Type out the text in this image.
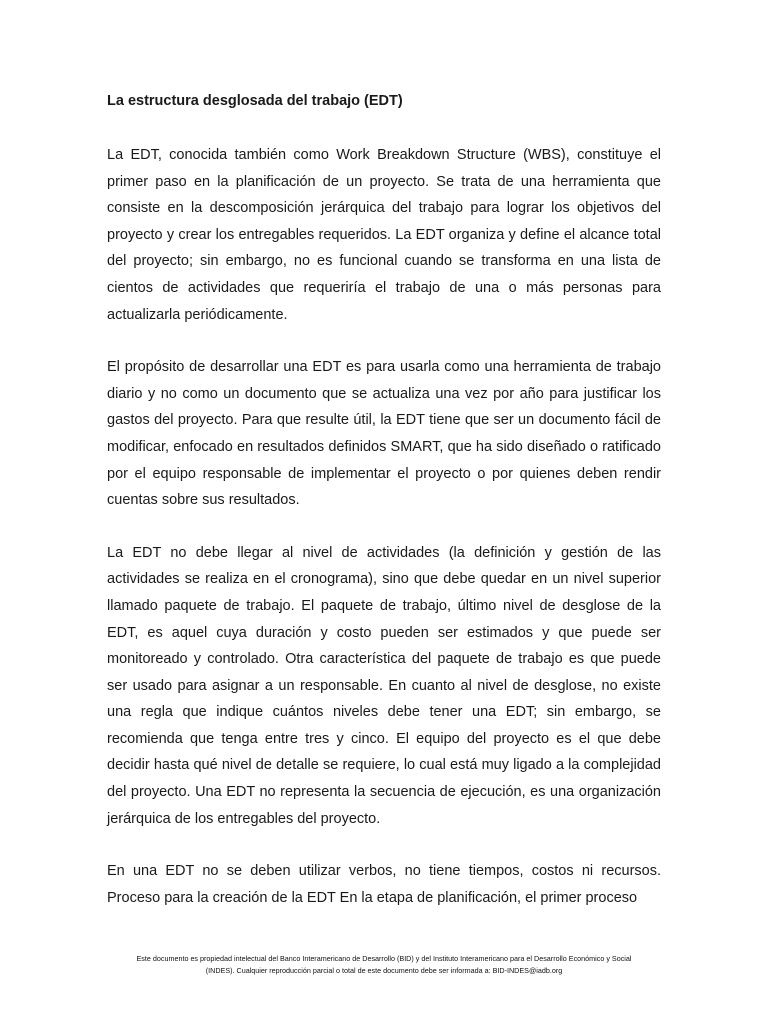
La estructura desglosada del trabajo (EDT)

La EDT, conocida también como Work Breakdown Structure (WBS), constituye el primer paso en la planificación de un proyecto. Se trata de una herramienta que consiste en la descomposición jerárquica del trabajo para lograr los objetivos del proyecto y crear los entregables requeridos. La EDT organiza y define el alcance total del proyecto; sin embargo, no es funcional cuando se transforma en una lista de cientos de actividades que requeriría el trabajo de una o más personas para actualizarla periódicamente.

El propósito de desarrollar una EDT es para usarla como una herramienta de trabajo diario y no como un documento que se actualiza una vez por año para justificar los gastos del proyecto. Para que resulte útil, la EDT tiene que ser un documento fácil de modificar, enfocado en resultados definidos SMART, que ha sido diseñado o ratificado por el equipo responsable de implementar el proyecto o por quienes deben rendir cuentas sobre sus resultados.

La EDT no debe llegar al nivel de actividades (la definición y gestión de las actividades se realiza en el cronograma), sino que debe quedar en un nivel superior llamado paquete de trabajo. El paquete de trabajo, último nivel de desglose de la EDT, es aquel cuya duración y costo pueden ser estimados y que puede ser monitoreado y controlado. Otra característica del paquete de trabajo es que puede ser usado para asignar a un responsable. En cuanto al nivel de desglose, no existe una regla que indique cuántos niveles debe tener una EDT; sin embargo, se recomienda que tenga entre tres y cinco. El equipo del proyecto es el que debe decidir hasta qué nivel de detalle se requiere, lo cual está muy ligado a la complejidad del proyecto. Una EDT no representa la secuencia de ejecución, es una organización jerárquica de los entregables del proyecto.

En una EDT no se deben utilizar verbos, no tiene tiempos, costos ni recursos. Proceso para la creación de la EDT En la etapa de planificación, el primer proceso

Este documento es propiedad intelectual del Banco Interamericano de Desarrollo (BID) y del Instituto Interamericano para el Desarrollo Económico y Social
(INDES). Cualquier reproducción parcial o total de este documento debe ser informada a: BID-INDES@iadb.org
